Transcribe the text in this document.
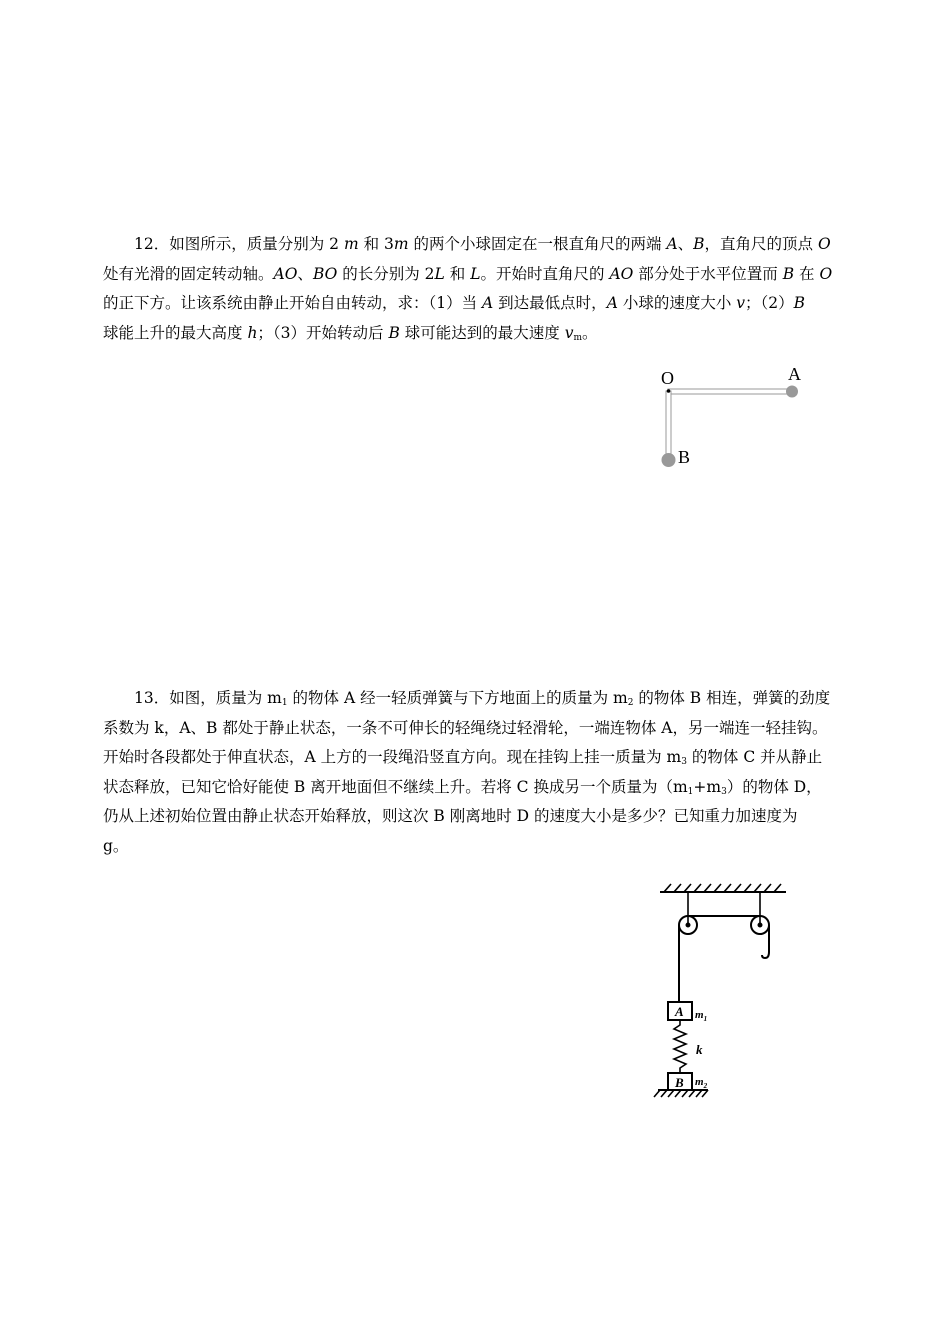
12．如图所示，质量分别为 2 m 和 3m 的两个小球固定在一根直角尺的两端 A、B，直角尺的顶点 O
处有光滑的固定转动轴。AO、BO 的长分别为 2L 和 L。开始时直角尺的 AO 部分处于水平位置而 B 在 O
的正下方。让该系统由静止开始自由转动，求：（1）当 A 到达最低点时，A 小球的速度大小 v；（2）B
球能上升的最大高度 h；（3）开始转动后 B 球可能达到的最大速度 $v_m$。
O	A
B
13．如图，质量为 $m_1$ 的物体 A 经一轻质弹簧与下方地面上的质量为 $m_2$ 的物体 B 相连，弹簧的劲度
系数为 k，A、B 都处于静止状态，一条不可伸长的轻绳绕过轻滑轮，一端连物体 A，另一端连一轻挂钩。
开始时各段都处于伸直状态，A 上方的一段绳沿竖直方向。现在挂钩上挂一质量为 $m_3$ 的物体 C 并从静止
状态释放，已知它恰好能使 B 离开地面但不继续上升。若将 C 换成另一个质量为$(m_1+m_3)$的物体 D，
仍从上述初始位置由静止状态开始释放，则这次 B 刚离地时 D 的速度大小是多少？已知重力加速度为
g。
A
B
k
$m_1$
$m_2$
